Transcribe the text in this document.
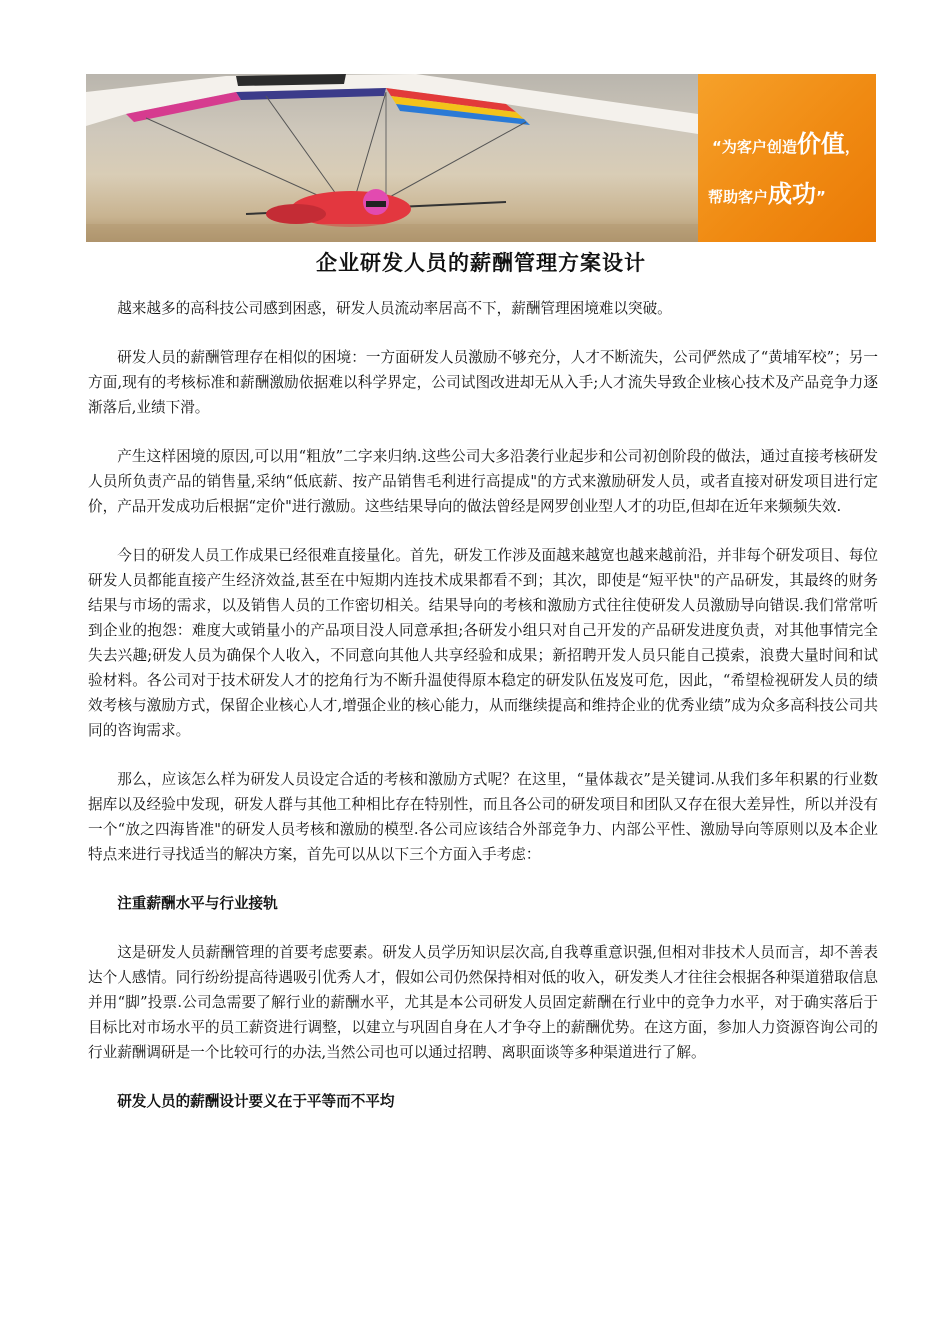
“为客户创造价值，
帮助客户成功”
企业研发人员的薪酬管理方案设计

越来越多的高科技公司感到困惑，研发人员流动率居高不下，薪酬管理困境难以突破。

研发人员的薪酬管理存在相似的困境：一方面研发人员激励不够充分，人才不断流失，公司俨然成了“黄埔军校”；另一方面,现有的考核标准和薪酬激励依据难以科学界定，公司试图改进却无从入手;人才流失导致企业核心技术及产品竞争力逐渐落后,业绩下滑。

产生这样困境的原因,可以用“粗放”二字来归纳.这些公司大多沿袭行业起步和公司初创阶段的做法，通过直接考核研发人员所负责产品的销售量,采纳“低底薪、按产品销售毛利进行高提成"的方式来激励研发人员，或者直接对研发项目进行定价，产品开发成功后根据“定价"进行激励。这些结果导向的做法曾经是网罗创业型人才的功臣,但却在近年来频频失效.

今日的研发人员工作成果已经很难直接量化。首先，研发工作涉及面越来越宽也越来越前沿，并非每个研发项目、每位研发人员都能直接产生经济效益,甚至在中短期内连技术成果都看不到；其次，即使是“短平快"的产品研发，其最终的财务结果与市场的需求，以及销售人员的工作密切相关。结果导向的考核和激励方式往往使研发人员激励导向错误.我们常常听到企业的抱怨：难度大或销量小的产品项目没人同意承担;各研发小组只对自己开发的产品研发进度负责，对其他事情完全失去兴趣;研发人员为确保个人收入，不同意向其他人共享经验和成果；新招聘开发人员只能自己摸索，浪费大量时间和试验材料。各公司对于技术研发人才的挖角行为不断升温使得原本稳定的研发队伍岌岌可危，因此，“希望检视研发人员的绩效考核与激励方式，保留企业核心人才,增强企业的核心能力，从而继续提高和维持企业的优秀业绩”成为众多高科技公司共同的咨询需求。

那么，应该怎么样为研发人员设定合适的考核和激励方式呢？在这里，“量体裁衣”是关键词.从我们多年积累的行业数据库以及经验中发现，研发人群与其他工种相比存在特别性，而且各公司的研发项目和团队又存在很大差异性，所以并没有一个“放之四海皆准"的研发人员考核和激励的模型.各公司应该结合外部竞争力、内部公平性、激励导向等原则以及本企业特点来进行寻找适当的解决方案，首先可以从以下三个方面入手考虑：

注重薪酬水平与行业接轨

这是研发人员薪酬管理的首要考虑要素。研发人员学历知识层次高,自我尊重意识强,但相对非技术人员而言，却不善表达个人感情。同行纷纷提高待遇吸引优秀人才，假如公司仍然保持相对低的收入，研发类人才往往会根据各种渠道猎取信息并用“脚”投票.公司急需要了解行业的薪酬水平，尤其是本公司研发人员固定薪酬在行业中的竞争力水平，对于确实落后于目标比对市场水平的员工薪资进行调整，以建立与巩固自身在人才争夺上的薪酬优势。在这方面，参加人力资源咨询公司的行业薪酬调研是一个比较可行的办法,当然公司也可以通过招聘、离职面谈等多种渠道进行了解。

研发人员的薪酬设计要义在于平等而不平均
